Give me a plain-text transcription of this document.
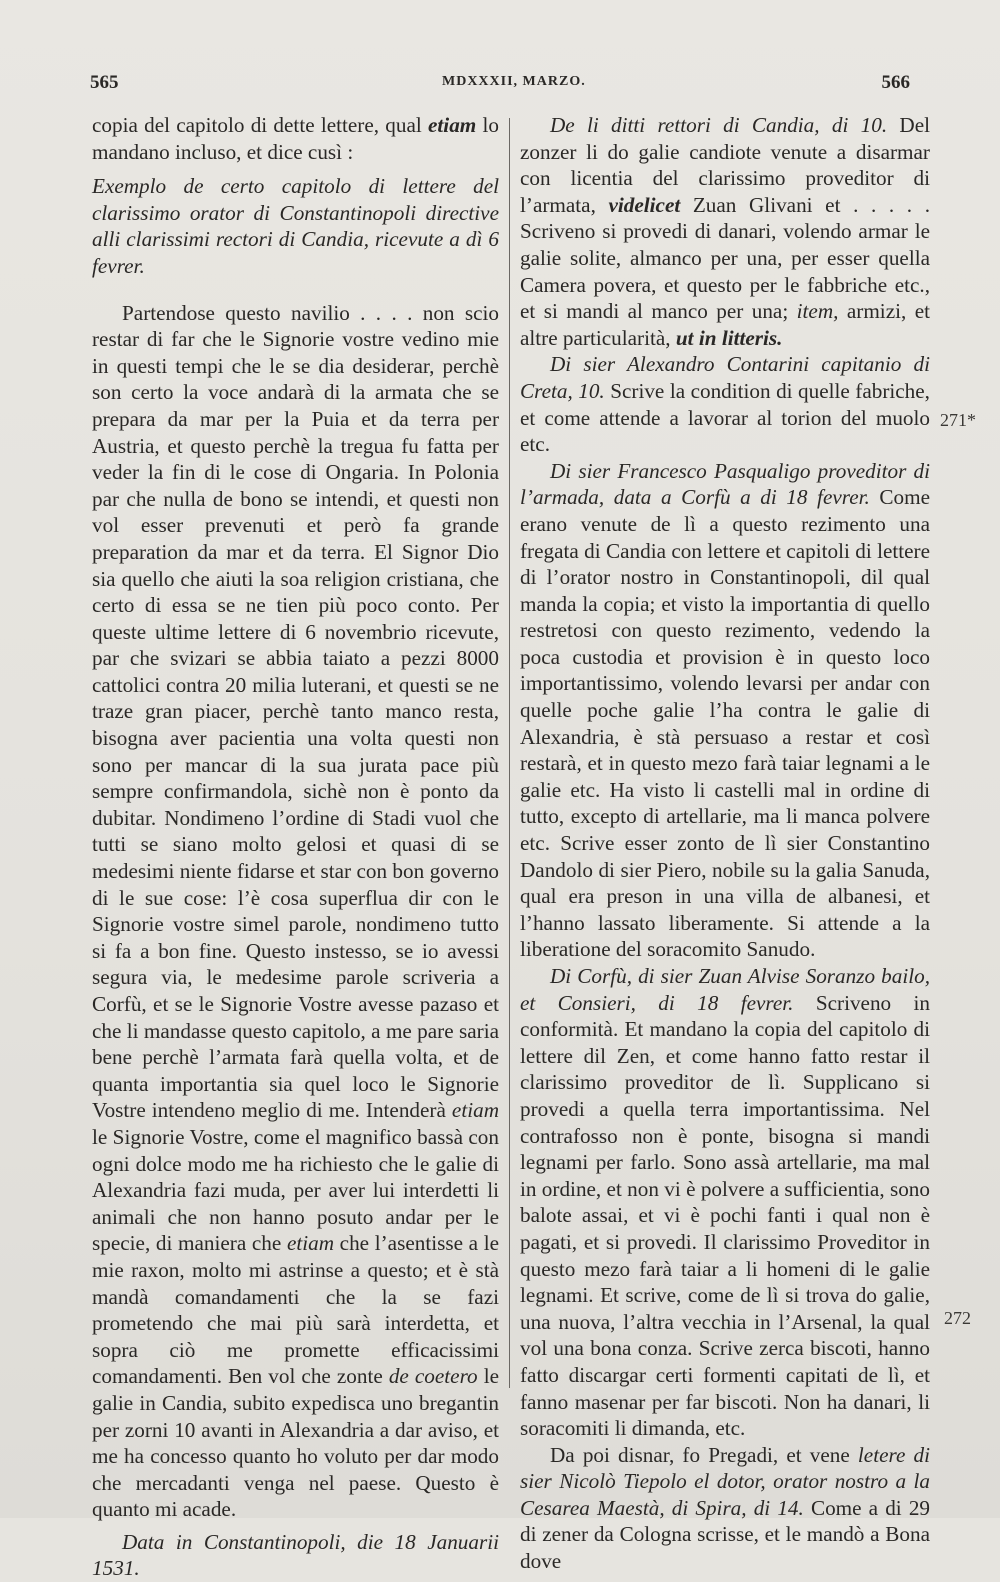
565	MDXXXII, MARZO.	566

copia del capitolo di dette lettere, qual etiam lo mandano incluso, et dice cusì :

Exemplo de certo capitolo di lettere del clarissimo orator di Constantinopoli directive alli clarissimi rectori di Candia, ricevute a dì 6 fevrer.

Partendose questo navilio . . . . non scio restar di far che le Signorie vostre vedino mie in questi tempi che le se dia desiderar, perchè son certo la voce andarà di la armata che se prepara da mar per la Puia et da terra per Austria, et questo perchè la tregua fu fatta per veder la fin di le cose di Ongaria. In Polonia par che nulla de bono se intendi, et questi non vol esser prevenuti et però fa grande preparation da mar et da terra. El Signor Dio sia quello che aiuti la soa religion cristiana, che certo di essa se ne tien più poco conto. Per queste ultime lettere di 6 novembrio ricevute, par che svizari se abbia taiato a pezzi 8000 cattolici contra 20 milia luterani, et questi se ne traze gran piacer, perchè tanto manco resta, bisogna aver pacientia una volta questi non sono per mancar di la sua jurata pace più sempre confirmandola, sichè non è ponto da dubitar. Nondimeno l’ordine di Stadi vuol che tutti se siano molto gelosi et quasi di se medesimi niente fidarse et star con bon governo di le sue cose: l’è cosa superflua dir con le Signorie vostre simel parole, nondimeno tutto si fa a bon fine. Questo instesso, se io avessi segura via, le medesime parole scriveria a Corfù, et se le Signorie Vostre avesse pazaso et che li mandasse questo capitolo, a me pare saria bene perchè l’armata farà quella volta, et de quanta importantia sia quel loco le Signorie Vostre intendeno meglio di me. Intenderà etiam le Signorie Vostre, come el magnifico bassà con ogni dolce modo me ha richiesto che le galie di Alexandria fazi muda, per aver lui interdetti li animali che non hanno posuto andar per le specie, di maniera che etiam che l’asentisse a le mie raxon, molto mi astrinse a questo; et è stà mandà comandamenti che la se fazi prometendo che mai più sarà interdetta, et sopra ciò me promette efficacissimi comandamenti. Ben vol che zonte de coetero le galie in Candia, subito expedisca uno bregantin per zorni 10 avanti in Alexandria a dar aviso, et me ha concesso quanto ho voluto per dar modo che mercadanti venga nel paese. Questo è quanto mi acade.

Data in Constantinopoli, die 18 Januarii 1531.

De li ditti rettori di Candia, di 10. Del zonzer li do galie candiote venute a disarmar con licentia del clarissimo proveditor di l’armata, videlicet Zuan Glivani et . . . . . Scriveno si provedi di danari, volendo armar le galie solite, almanco per una, per esser quella Camera povera, et questo per le fabbriche etc., et si mandi al manco per una; item, armizi, et altre particularità, ut in litteris.

Di sier Alexandro Contarini capitanio di Creta, 10. Scrive la condition di quelle fabriche, et come attende a lavorar al torion del muolo etc.

Di sier Francesco Pasqualigo proveditor di l’armada, data a Corfù a di 18 fevrer. Come erano venute de lì a questo rezimento una fregata di Candia con lettere et capitoli di lettere di l’orator nostro in Constantinopoli, dil qual manda la copia; et visto la importantia di quello restretosi con questo rezimento, vedendo la poca custodia et provision è in questo loco importantissimo, volendo levarsi per andar con quelle poche galie l’ha contra le galie di Alexandria, è stà persuaso a restar et così restarà, et in questo mezo farà taiar legnami a le galie etc. Ha visto li castelli mal in ordine di tutto, excepto di artellarie, ma li manca polvere etc. Scrive esser zonto de lì sier Constantino Dandolo di sier Piero, nobile su la galia Sanuda, qual era preson in una villa de albanesi, et l’hanno lassato liberamente. Si attende a la liberatione del soracomito Sanudo.

Di Corfù, di sier Zuan Alvise Soranzo bailo, et Consieri, di 18 fevrer. Scriveno in conformità. Et mandano la copia del capitolo di lettere dil Zen, et come hanno fatto restar il clarissimo proveditor de lì. Supplicano si provedi a quella terra importantissima. Nel contrafosso non è ponte, bisogna si mandi legnami per farlo. Sono assà artellarie, ma mal in ordine, et non vi è polvere a sufficientia, sono balote assai, et vi è pochi fanti i qual non è pagati, et si provedi. Il clarissimo Proveditor in questo mezo farà taiar a li homeni di le galie legnami. Et scrive, come de lì si trova do galie, una nuova, l’altra vecchia in l’Arsenal, la qual vol una bona conza. Scrive zerca biscoti, hanno fatto discargar certi formenti capitati de lì, et fanno masenar per far biscoti. Non ha danari, li soracomiti li dimanda, etc.

Da poi disnar, fo Pregadi, et vene letere di sier Nicolò Tiepolo el dotor, orator nostro a la Cesarea Maestà, di Spira, di 14. Come a di 29 di zener da Cologna scrisse, et le mandò a Bona dove

271*
272
